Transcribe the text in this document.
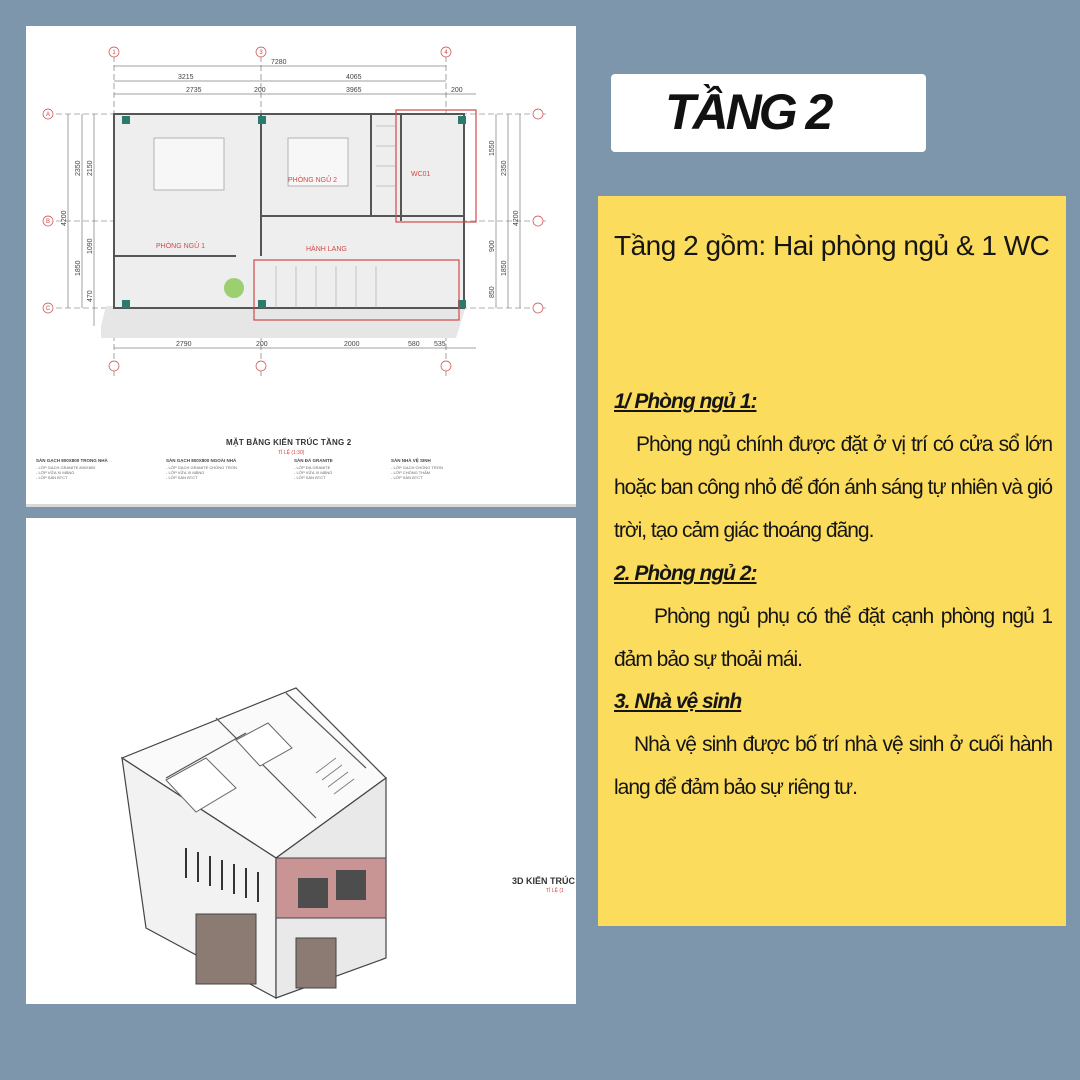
7280
3215	4065
2735	200	3965	200
2790	200	2000	580 535
4200
2350
1850
2150
1090
470
4200
2350
1850
1550
900
850
PHÒNG NGỦ 1
PHÒNG NGỦ 2
HÀNH LANG
WC01
1	3	4
A
B
C
MẶT BẰNG KIẾN TRÚC TẦNG 2
TỈ LỆ (1:30)
SÀN GẠCH 800X800 TRONG NHÀ
- LỚP GẠCH GRANITE 800X800
- LỚP VỮA XI MĂNG
- LỚP SÀN BTCT
SÀN GẠCH 800X800 NGOÀI NHÀ
- LỚP GẠCH GRANITE CHỐNG TRƠN
- LỚP VỮA XI MĂNG
- LỚP SÀN BTCT
SÀN ĐÁ GRANITE
- LỚP ĐÁ GRANITE
- LỚP VỮA XI MĂNG
- LỚP SÀN BTCT
SÀN NHÀ VỆ SINH
- LỚP GẠCH CHỐNG TRƠN
- LỚP CHỐNG THẤM
- LỚP SÀN BTCT
3D KIẾN TRÚC
TỈ LỆ (1
TẦNG 2
Tầng 2 gồm: Hai phòng ngủ & 1 WC
1/ Phòng ngủ 1:
Phòng ngủ chính được đặt ở vị trí có cửa sổ lớn hoặc ban công nhỏ để đón ánh sáng tự nhiên và gió trời, tạo cảm giác thoáng đãng.
2. Phòng ngủ 2:
Phòng ngủ phụ có thể đặt cạnh phòng ngủ 1 đảm bảo sự thoải mái.
3. Nhà vệ sinh
Nhà vệ sinh được bố trí nhà vệ sinh ở cuối hành lang để đảm bảo sự riêng tư.
